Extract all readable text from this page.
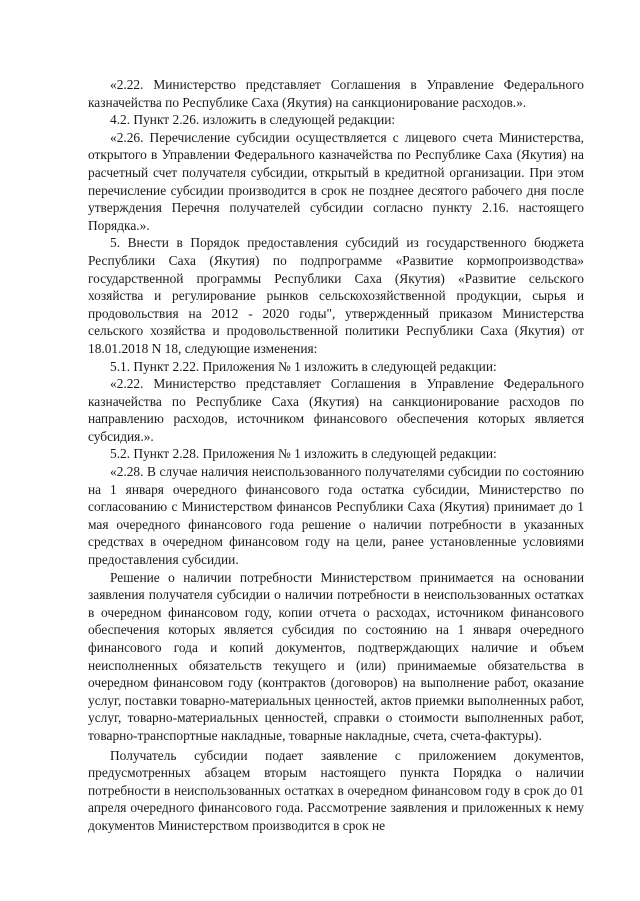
«2.22. Министерство представляет Соглашения в Управление Федерального казначейства по Республике Саха (Якутия) на санкционирование расходов.».

4.2. Пункт 2.26. изложить в следующей редакции:

«2.26. Перечисление субсидии осуществляется с лицевого счета Министерства, открытого в Управлении Федерального казначейства по Республике Саха (Якутия) на расчетный счет получателя субсидии, открытый в кредитной организации. При этом перечисление субсидии производится в срок не позднее десятого рабочего дня после утверждения Перечня получателей субсидии согласно пункту 2.16. настоящего Порядка.».

5. Внести в Порядок предоставления субсидий из государственного бюджета Республики Саха (Якутия) по подпрограмме «Развитие кормопроизводства» государственной программы Республики Саха (Якутия) «Развитие сельского хозяйства и регулирование рынков сельскохозяйственной продукции, сырья и продовольствия на 2012 - 2020 годы", утвержденный приказом Министерства сельского хозяйства и продовольственной политики Республики Саха (Якутия) от 18.01.2018 N 18, следующие изменения:

5.1. Пункт 2.22. Приложения № 1 изложить в следующей редакции:

«2.22. Министерство представляет Соглашения в Управление Федерального казначейства по Республике Саха (Якутия) на санкционирование расходов по направлению расходов, источником финансового обеспечения которых является субсидия.».

5.2. Пункт 2.28. Приложения № 1 изложить в следующей редакции:

«2.28. В случае наличия неиспользованного получателями субсидии по состоянию на 1 января очередного финансового года остатка субсидии, Министерство по согласованию с Министерством финансов Республики Саха (Якутия) принимает до 1 мая очередного финансового года решение о наличии потребности в указанных средствах в очередном финансовом году на цели, ранее установленные условиями предоставления субсидии.

Решение о наличии потребности Министерством принимается на основании заявления получателя субсидии о наличии потребности в неиспользованных остатках в очередном финансовом году, копии отчета о расходах, источником финансового обеспечения которых является субсидия по состоянию на 1 января очередного финансового года и копий документов, подтверждающих наличие и объем неисполненных обязательств текущего и (или) принимаемые обязательства в очередном финансовом году (контрактов (договоров) на выполнение работ, оказание услуг, поставки товарно-материальных ценностей, актов приемки выполненных работ, услуг, товарно-материальных ценностей, справки о стоимости выполненных работ, товарно-транспортные накладные, товарные накладные, счета, счета-фактуры).

Получатель субсидии подает заявление с приложением документов, предусмотренных абзацем вторым настоящего пункта Порядка о наличии потребности в неиспользованных остатках в очередном финансовом году в срок до 01 апреля очередного финансового года. Рассмотрение заявления и приложенных к нему документов Министерством производится в срок не
